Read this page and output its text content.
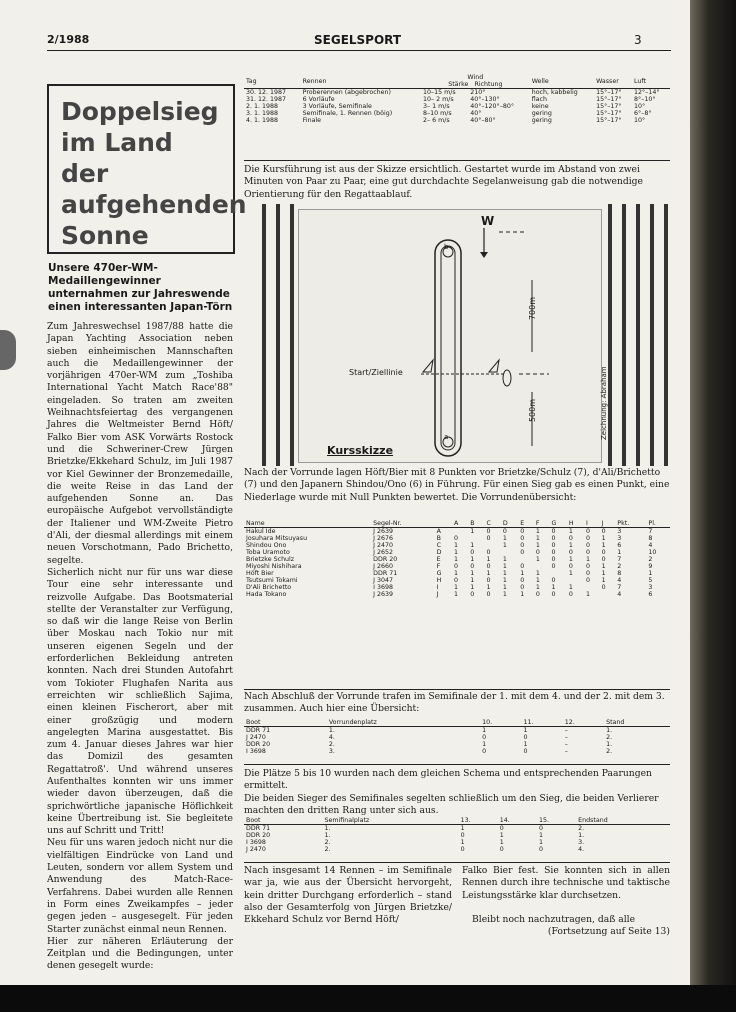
2/1988	SEGELSPORT	3
Doppelsieg
im Land der
aufgehenden
Sonne
Unsere 470er-WM-Medaillengewinner unternahmen zur Jahreswende einen interessanten Japan-Törn

Zum Jahreswechsel 1987/88 hatte die Japan Yachting Association neben sieben einheimischen Mannschaften auch die Medaillengewinner der vorjährigen 470er-WM zum „Toshiba International Yacht Match Race'88" eingeladen. So traten am zweiten Weihnachtsfeiertag des vergangenen Jahres die Weltmeister Bernd Höft/ Falko Bier vom ASK Vorwärts Rostock und die Schweriner-Crew Jürgen Brietzke/Ekkehard Schulz, im Juli 1987 vor Kiel Gewinner der Bronzemedaille, die weite Reise in das Land der aufgehenden Sonne an. Das europäische Aufgebot vervollständigte der Italiener und WM-Zweite Pietro d'Ali, der diesmal allerdings mit einem neuen Vorschotmann, Pado Brichetto, segelte.

Sicherlich nicht nur für uns war diese Tour eine sehr interessante und reizvolle Aufgabe. Das Bootsmaterial stellte der Veranstalter zur Verfügung, so daß wir die lange Reise von Berlin über Moskau nach Tokio nur mit unseren eigenen Segeln und der erforderlichen Bekleidung antreten konnten. Nach drei Stunden Autofahrt vom Tokioter Flughafen Narita aus erreichten wir schließlich Sajima, einen kleinen Fischerort, aber mit einer großzügig und modern angelegten Marina ausgestattet. Bis zum 4. Januar dieses Jahres war hier das Domizil des gesamten Regattatroß'. Und während unseres Aufenthaltes konnten wir uns immer wieder davon überzeugen, daß die sprichwörtliche japanische Höflichkeit keine Übertreibung ist. Sie begleitete uns auf Schritt und Tritt!

Neu für uns waren jedoch nicht nur die vielfältigen Eindrücke von Land und Leuten, sondern vor allem System und Anwendung des Match-Race-Verfahrens. Dabei wurden alle Rennen in Form eines Zweikampfes – jeder gegen jeden – ausgesegelt. Für jeden Starter zunächst einmal neun Rennen.

Hier zur näheren Erläuterung der Zeitplan und die Bedingungen, unter denen gesegelt wurde:

Tag	Rennen	Wind
Stärke Richtung		Welle	Wasser	Luft
30. 12. 1987	Proberennen (abgebrochen)	10–15 m/s	210°	hoch, kabbelig	15°–17°	12°–14°
31. 12. 1987	6 Vorläufe	10– 2 m/s	40°–130°	flach	15°–17°	8°–10°
2. 1. 1988	3 Vorläufe, Semifinale	3– 1 m/s	40°–120°–80°	keine	15°–17°	10°
3. 1. 1988	Semifinale, 1. Rennen (böig)	8–10 m/s	40°	gering	15°–17°	6°–8°
4. 1. 1988	Finale	2– 6 m/s	40°–80°	gering	15°–17°	10°
Die Kursführung ist aus der Skizze ersichtlich. Gestartet wurde im Abstand von zwei Minuten von Paar zu Paar, eine gut durchdachte Segelanweisung gab die notwendige Orientierung für den Regattaablauf.
W
b
a
Start/Ziellinie
700m
500m
Kursskizze
Zeichnung: Abraham
Nach der Vorrunde lagen Höft/Bier mit 8 Punkten vor Brietzke/Schulz (7), d'Ali/Brichetto (7) und den Japanern Shindou/Ono (6) in Führung. Für einen Sieg gab es einen Punkt, eine Niederlage wurde mit Null Punkten bewertet. Die Vorrundenübersicht:
Name	Segel-Nr.		A	B	C	D	E	F	G	H	I	J	Pkt.	Pl.
Hakul Ide	J 2639	A		1	0	0	0	1	0	1	0	0	3	7
Josuhara Mitsuyasu	J 2676	B	0		0	1	0	1	0	0	0	1	3	8
Shindou Ono	J 2470	C	1	1		1	0	1	0	1	0	1	6	4
Toba Uramoto	J 2652	D	1	0	0		0	0	0	0	0	0	1	10
Brietzke Schulz	DDR 20	E	1	1	1	1		1	0	1	1	0	7	2
Miyoshi Nishihara	J 2660	F	0	0	0	1	0		0	0	0	1	2	9
Höft Bier	DDR 71	G	1	1	1	1	1	1		1	0	1	8	1
Tsutsumi Tokami	J 3047	H	0	1	0	1	0	1	0		0	1	4	5
D'Ali Brichetto	I 3698	I	1	1	1	1	0	1	1	1		0	7	3
Hada Tokano	J 2639	J	1	0	0	1	1	0	0	0	1		4	6
Nach Abschluß der Vorrunde trafen im Semifinale der 1. mit dem 4. und der 2. mit dem 3. zusammen. Auch hier eine Übersicht:
Boot	Vorrundenplatz	10.	11.	12.	Stand
DDR 71	1.	1	1	–	1.
J 2470	4.	0	0	–	2.
DDR 20	2.	1	1	–	1.
I 3698	3.	0	0	–	2.
Die Plätze 5 bis 10 wurden nach dem gleichen Schema und entsprechenden Paarungen ermittelt.
Die beiden Sieger des Semifinales segelten schließlich um den Sieg, die beiden Verlierer machten den dritten Rang unter sich aus.
Boot	Semifinalplatz	13.	14.	15.	Endstand
DDR 71	1.	1	0	0	2.
DDR 20	1.	0	1	1	1.
I 3698	2.	1	1	1	3.
J 2470	2.	0	0	0	4.
Nach insgesamt 14 Rennen – im Semifinale war ja, wie aus der Übersicht hervorgeht, kein dritter Durchgang erforderlich – stand also der Gesamterfolg von Jürgen Brietzke/ Ekkehard Schulz vor Bernd Höft/
Falko Bier fest. Sie konnten sich in allen Rennen durch ihre technische und taktische Leistungsstärke klar durchsetzen.
Bleibt noch nachzutragen, daß alle
(Fortsetzung auf Seite 13)
